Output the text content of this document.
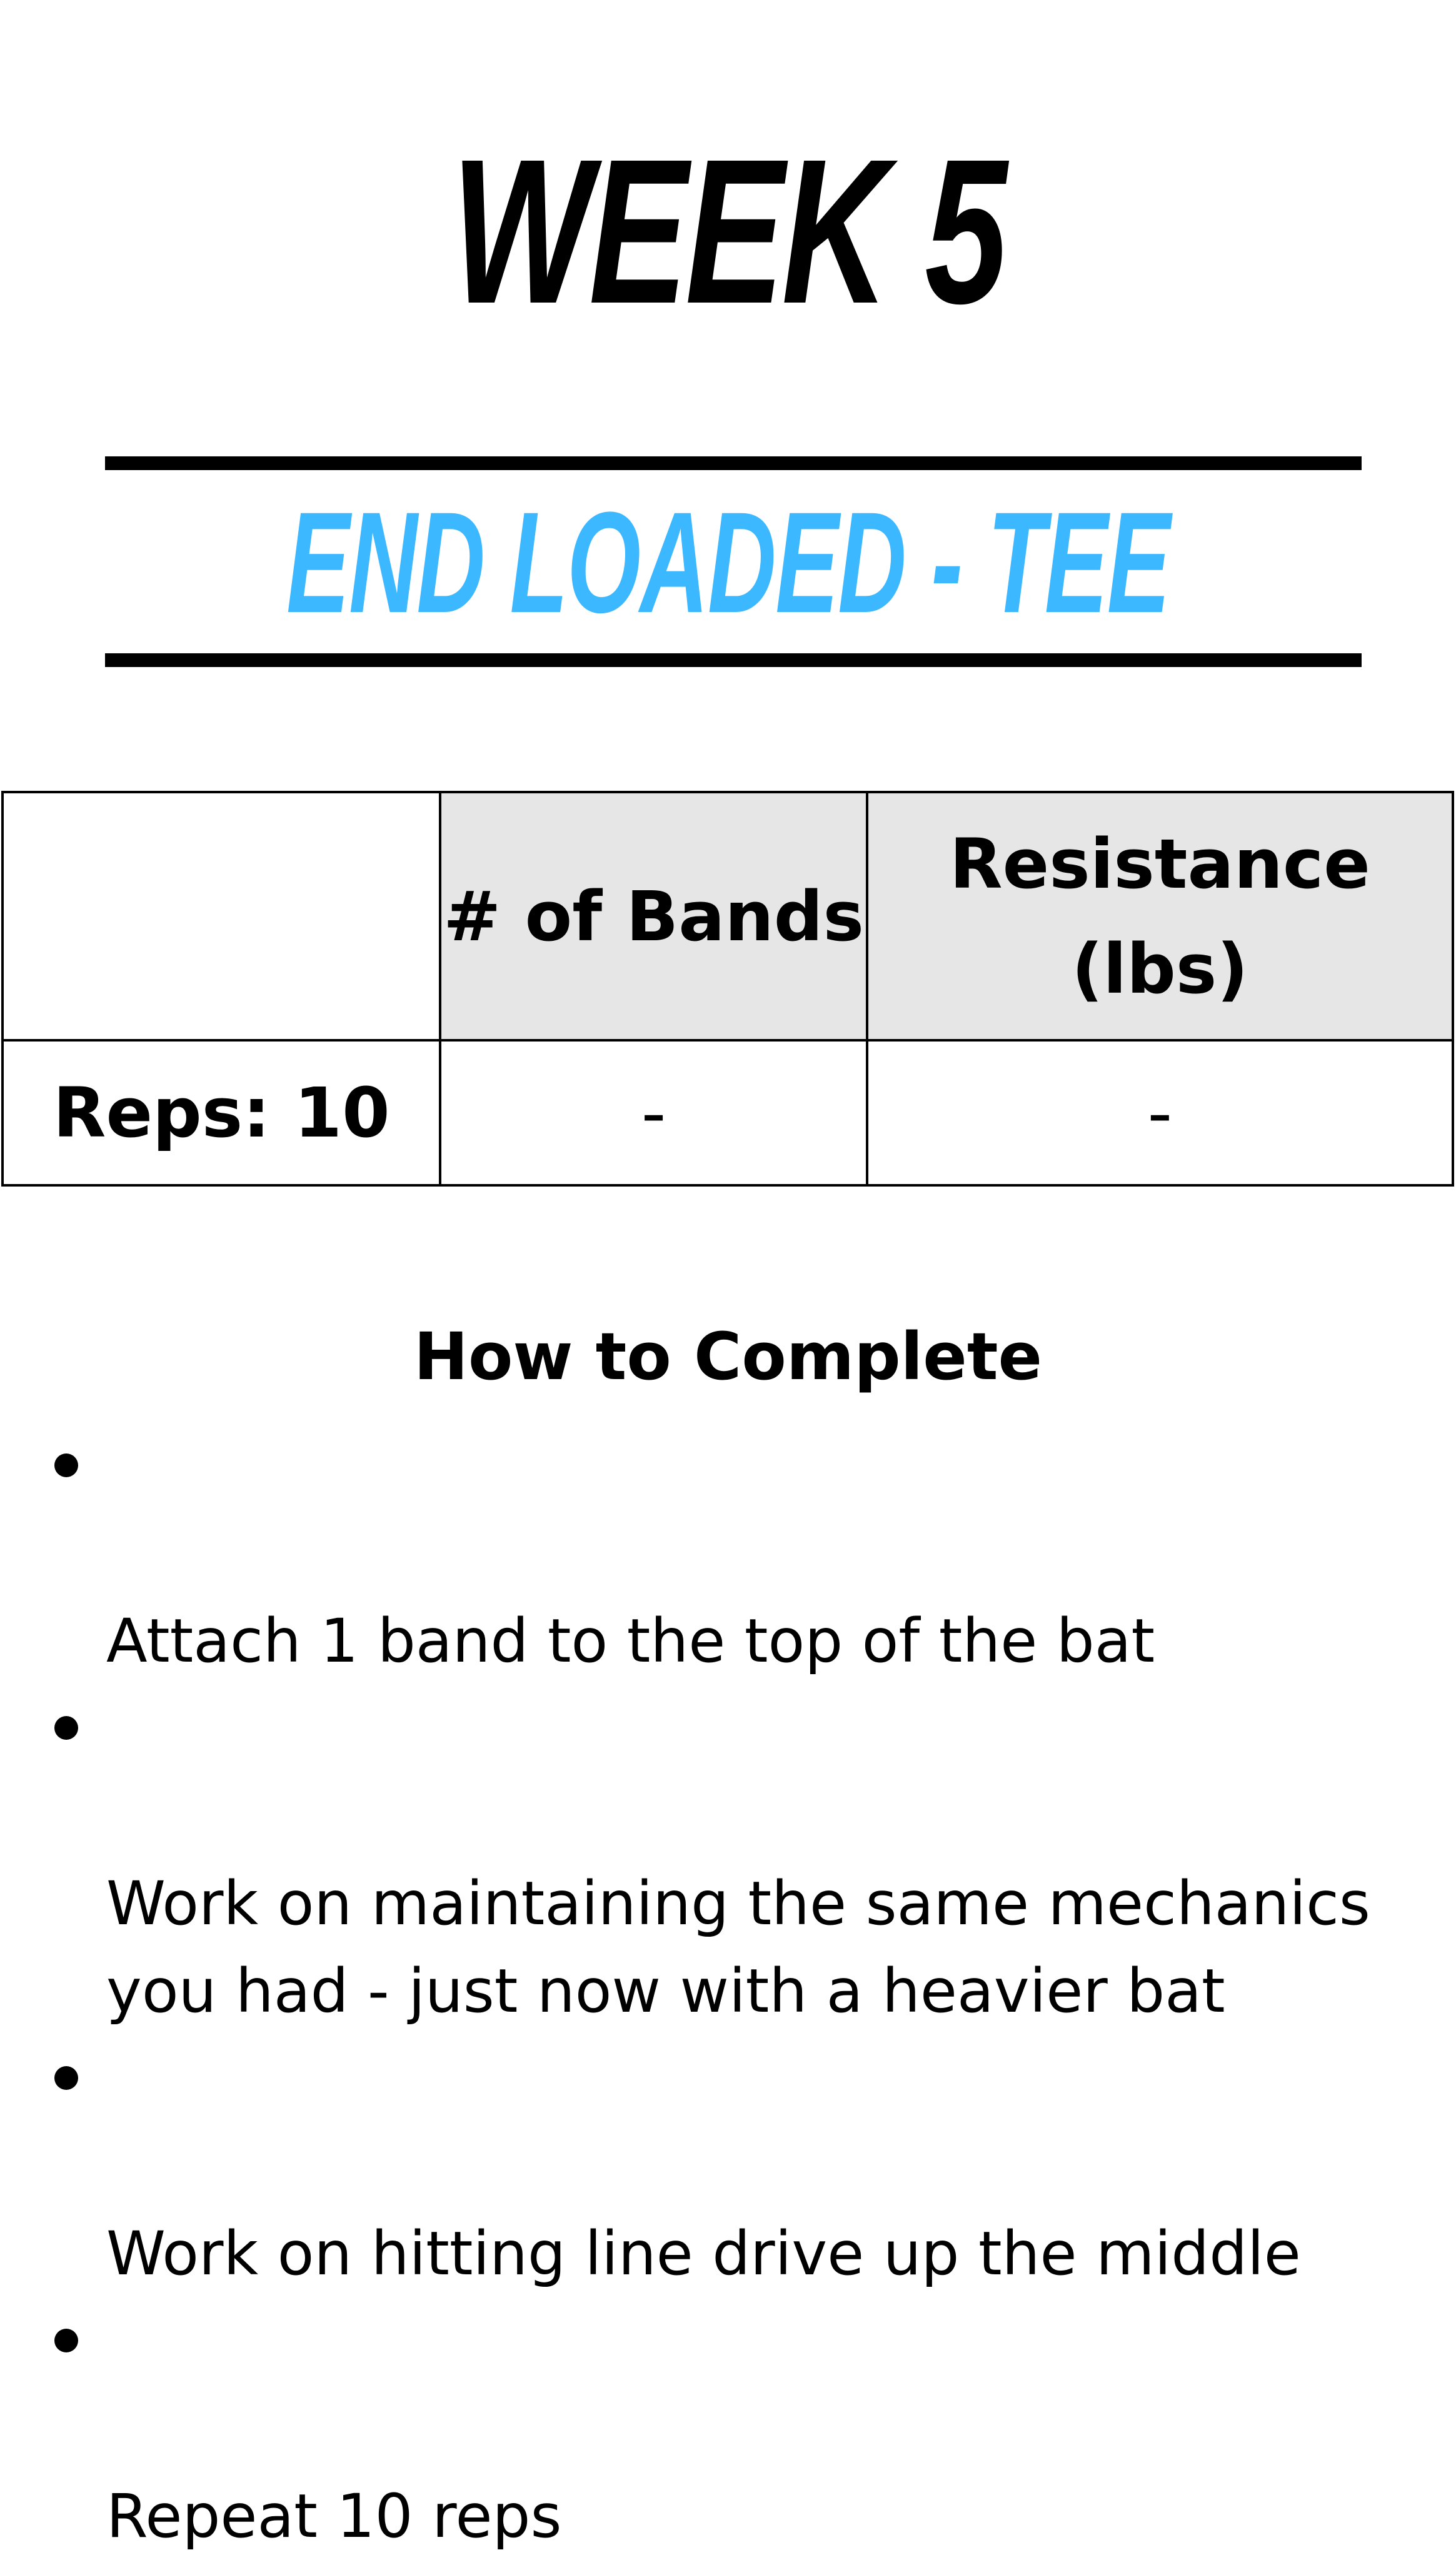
WEEK 5
END LOADED - TEE
	# of Bands	Resistance
(lbs)
Reps: 10	-	-
How to Complete

Attach 1 band to the top of the bat

Work on maintaining the same mechanics
you had - just now with a heavier bat

Work on hitting line drive up the middle

Repeat 10 reps
